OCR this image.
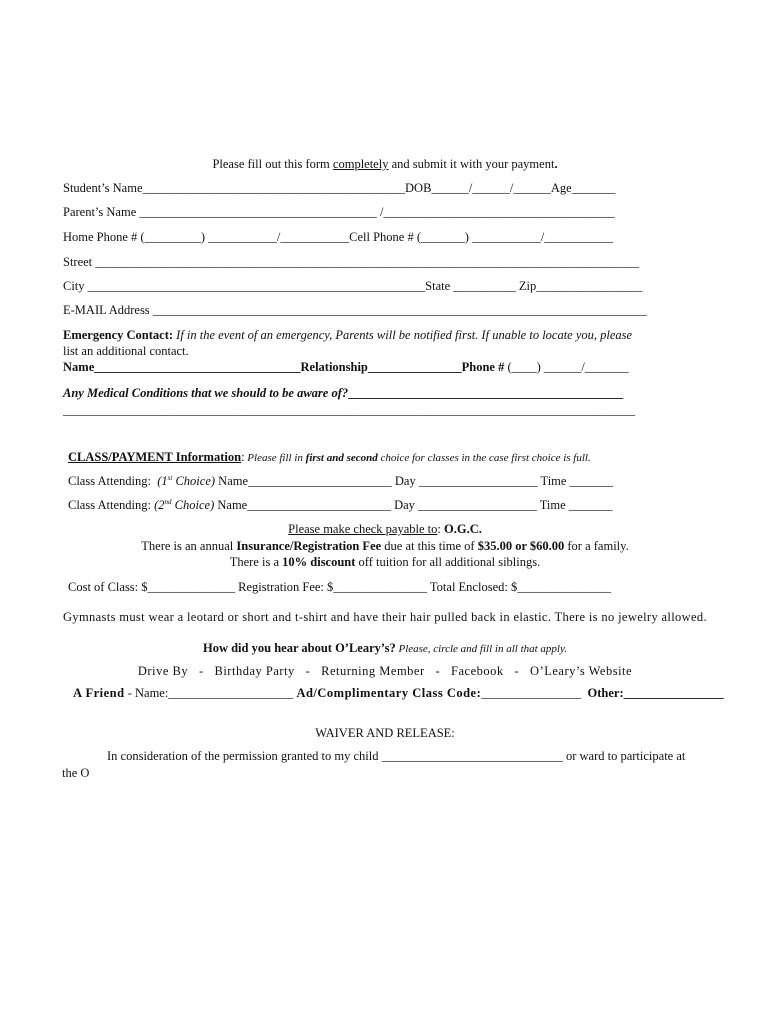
Please fill out this form completely and submit it with your payment.
Student’s Name__________________________________________DOB______/______/______Age_______
Parent’s Name ______________________________________ /_____________________________________
Home Phone # (_________) ___________/___________Cell Phone # (_______) ___________/___________
Street _______________________________________________________________________________________
City ______________________________________________________State __________ Zip_________________
E-MAIL Address _______________________________________________________________________________
Emergency Contact: If in the event of an emergency, Parents will be notified first. If unable to locate you, please
list an additional contact.
Name_________________________________Relationship_______________Phone # (____) ______/_______
Any Medical Conditions that we should to be aware of?____________________________________________
_____________________________________________________________________________________________
CLASS/PAYMENT Information: Please fill in first and second choice for classes in the case first choice is full.
Class Attending:  (1st Choice) Name_______________________ Day ___________________ Time _______
Class Attending: (2nd Choice) Name_______________________ Day ___________________ Time _______
Please make check payable to: O.G.C.
There is an annual Insurance/Registration Fee due at this time of $35.00 or $60.00 for a family.
There is a 10% discount off tuition for all additional siblings.
Cost of Class: $______________ Registration Fee: $_______________ Total Enclosed: $_______________
Gymnasts must wear a leotard or short and t-shirt and have their hair pulled back in elastic. There is no jewelry allowed.
How did you hear about O’Leary’s? Please, circle and fill in all that apply.
Drive By   -   Birthday Party   -   Returning Member   -   Facebook   -   O’Leary’s Website
A Friend - Name:____________________ Ad/Complimentary Class Code:________________  Other:________________
WAIVER AND RELEASE:
In consideration of the permission granted to my child _____________________________ or ward to participate at
the O
